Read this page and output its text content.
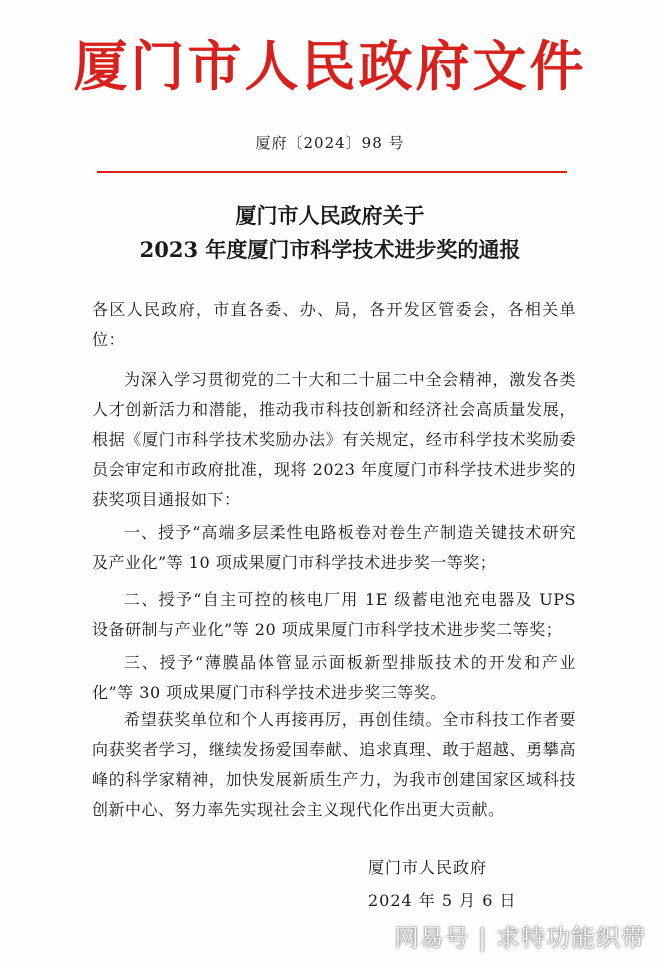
厦门市人民政府文件
厦府〔2024〕98 号
厦门市人民政府关于
2023 年度厦门市科学技术进步奖的通报
各区人民政府，市直各委、办、局，各开发区管委会，各相关单位：

为深入学习贯彻党的二十大和二十届二中全会精神，激发各类人才创新活力和潜能，推动我市科技创新和经济社会高质量发展，根据《厦门市科学技术奖励办法》有关规定，经市科学技术奖励委员会审定和市政府批准，现将 2023 年度厦门市科学技术进步奖的获奖项目通报如下：

一、授予“高端多层柔性电路板卷对卷生产制造关键技术研究及产业化”等 10 项成果厦门市科学技术进步奖一等奖；

二、授予“自主可控的核电厂用 1E 级蓄电池充电器及 UPS 设备研制与产业化”等 20 项成果厦门市科学技术进步奖二等奖；

三、授予“薄膜晶体管显示面板新型排版技术的开发和产业化”等 30 项成果厦门市科学技术进步奖三等奖。

希望获奖单位和个人再接再厉，再创佳绩。全市科技工作者要向获奖者学习，继续发扬爱国奉献、追求真理、敢于超越、勇攀高峰的科学家精神，加快发展新质生产力，为我市创建国家区域科技创新中心、努力率先实现社会主义现代化作出更大贡献。

厦门市人民政府
2024 年 5 月 6 日
网易号 | 求特功能织带
